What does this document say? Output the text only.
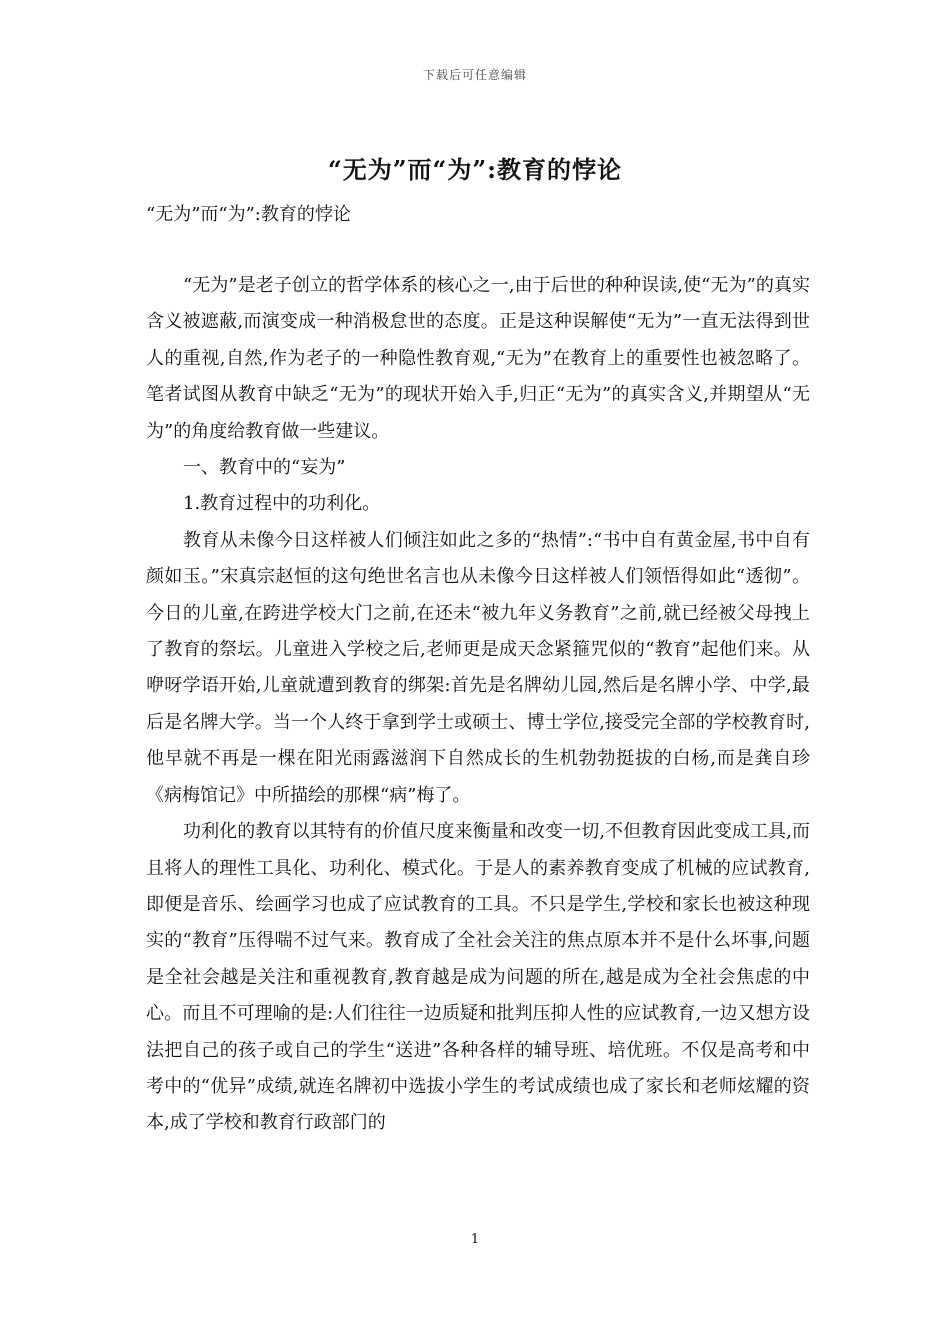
下载后可任意编辑
“无为”而“为”:教育的悖论

“无为”而“为”:教育的悖论

“无为”是老子创立的哲学体系的核心之一,由于后世的种种误读,使“无为”的真实含义被遮蔽,而演变成一种消极怠世的态度。正是这种误解使“无为”一直无法得到世人的重视,自然,作为老子的一种隐性教育观,“无为”在教育上的重要性也被忽略了。笔者试图从教育中缺乏“无为”的现状开始入手,归正“无为”的真实含义,并期望从“无为”的角度给教育做一些建议。

一、教育中的“妄为”

1.教育过程中的功利化。

教育从未像今日这样被人们倾注如此之多的“热情”:“书中自有黄金屋,书中自有颜如玉。”宋真宗赵恒的这句绝世名言也从未像今日这样被人们领悟得如此“透彻”。今日的儿童,在跨进学校大门之前,在还未“被九年义务教育”之前,就已经被父母拽上了教育的祭坛。儿童进入学校之后,老师更是成天念紧箍咒似的“教育”起他们来。从咿呀学语开始,儿童就遭到教育的绑架:首先是名牌幼儿园,然后是名牌小学、中学,最后是名牌大学。当一个人终于拿到学士或硕士、博士学位,接受完全部的学校教育时,他早就不再是一棵在阳光雨露滋润下自然成长的生机勃勃挺拔的白杨,而是龚自珍《病梅馆记》中所描绘的那棵“病”梅了。

功利化的教育以其特有的价值尺度来衡量和改变一切,不但教育因此变成工具,而且将人的理性工具化、功利化、模式化。于是人的素养教育变成了机械的应试教育,即便是音乐、绘画学习也成了应试教育的工具。不只是学生,学校和家长也被这种现实的“教育”压得喘不过气来。教育成了全社会关注的焦点原本并不是什么坏事,问题是全社会越是关注和重视教育,教育越是成为问题的所在,越是成为全社会焦虑的中心。而且不可理喻的是:人们往往一边质疑和批判压抑人性的应试教育,一边又想方设法把自己的孩子或自己的学生“送进”各种各样的辅导班、培优班。不仅是高考和中考中的“优异”成绩,就连名牌初中选拔小学生的考试成绩也成了家长和老师炫耀的资本,成了学校和教育行政部门的

1
